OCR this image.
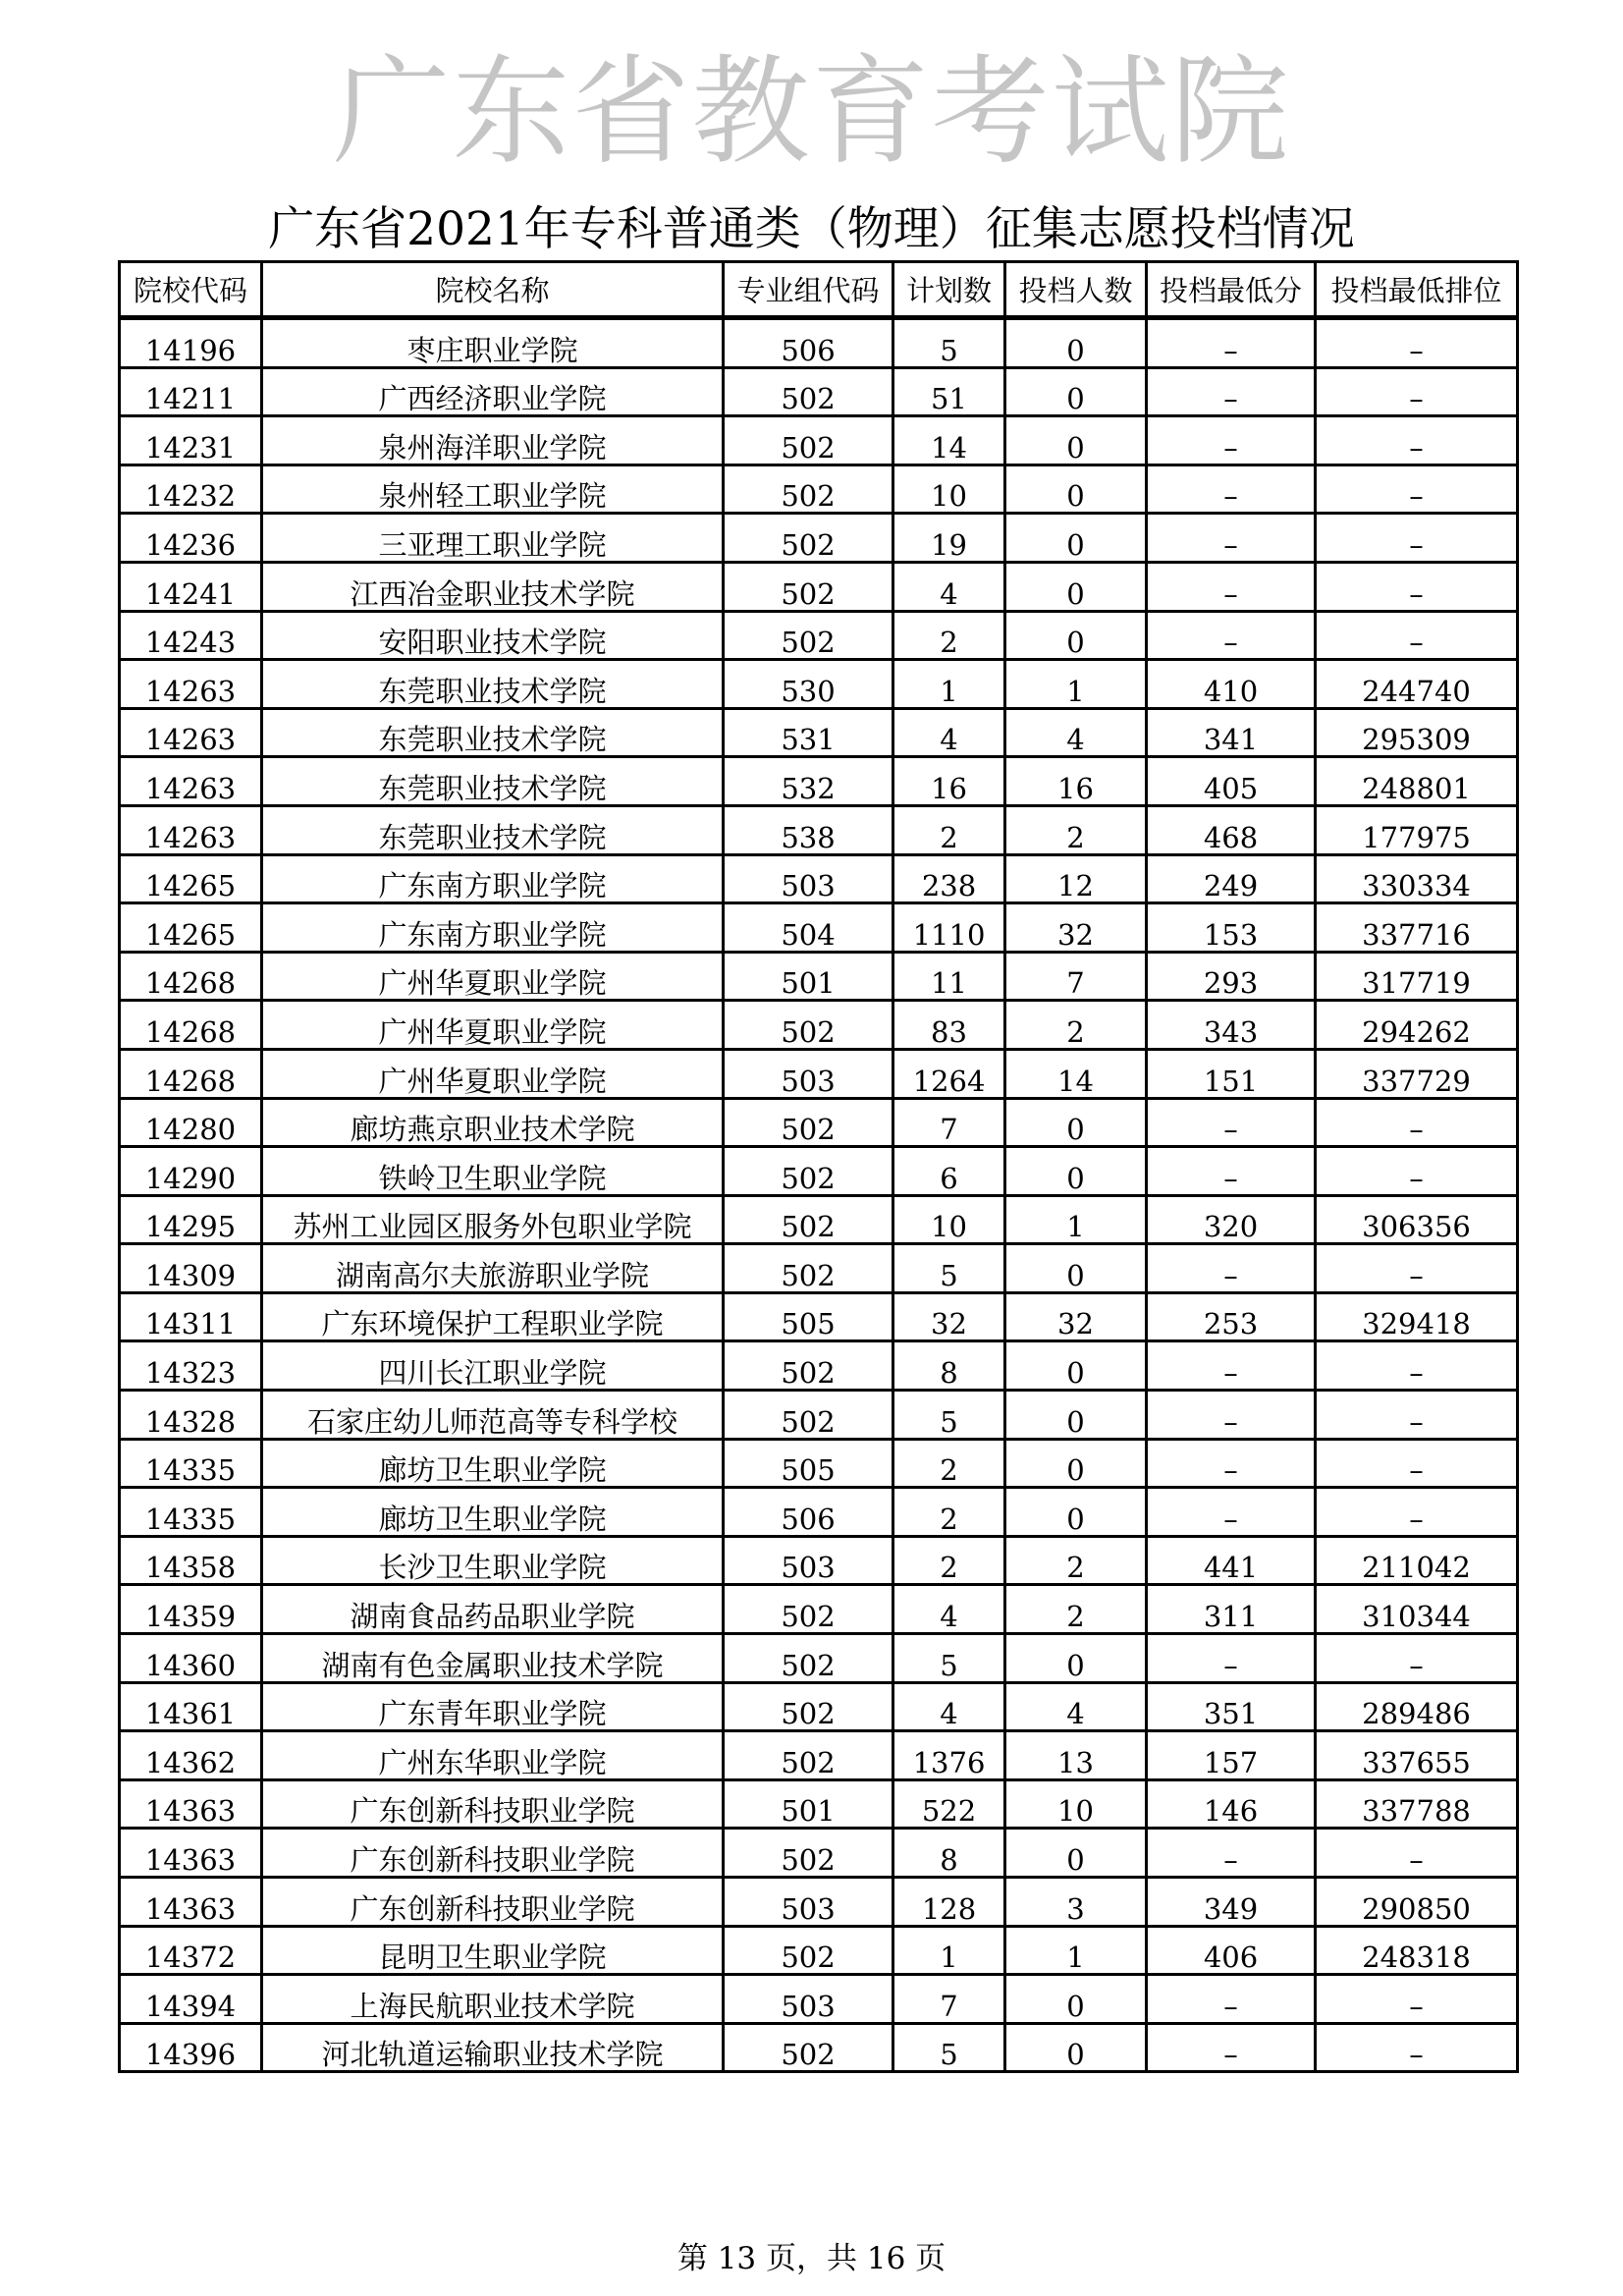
广东省教育考试院
广东省2021年专科普通类（物理）征集志愿投档情况
院校代码	院校名称	专业组代码	计划数	投档人数	投档最低分	投档最低排位
14196	枣庄职业学院	506	5	0	–	–
14211	广西经济职业学院	502	51	0	–	–
14231	泉州海洋职业学院	502	14	0	–	–
14232	泉州轻工职业学院	502	10	0	–	–
14236	三亚理工职业学院	502	19	0	–	–
14241	江西冶金职业技术学院	502	4	0	–	–
14243	安阳职业技术学院	502	2	0	–	–
14263	东莞职业技术学院	530	1	1	410	244740
14263	东莞职业技术学院	531	4	4	341	295309
14263	东莞职业技术学院	532	16	16	405	248801
14263	东莞职业技术学院	538	2	2	468	177975
14265	广东南方职业学院	503	238	12	249	330334
14265	广东南方职业学院	504	1110	32	153	337716
14268	广州华夏职业学院	501	11	7	293	317719
14268	广州华夏职业学院	502	83	2	343	294262
14268	广州华夏职业学院	503	1264	14	151	337729
14280	廊坊燕京职业技术学院	502	7	0	–	–
14290	铁岭卫生职业学院	502	6	0	–	–
14295	苏州工业园区服务外包职业学院	502	10	1	320	306356
14309	湖南高尔夫旅游职业学院	502	5	0	–	–
14311	广东环境保护工程职业学院	505	32	32	253	329418
14323	四川长江职业学院	502	8	0	–	–
14328	石家庄幼儿师范高等专科学校	502	5	0	–	–
14335	廊坊卫生职业学院	505	2	0	–	–
14335	廊坊卫生职业学院	506	2	0	–	–
14358	长沙卫生职业学院	503	2	2	441	211042
14359	湖南食品药品职业学院	502	4	2	311	310344
14360	湖南有色金属职业技术学院	502	5	0	–	–
14361	广东青年职业学院	502	4	4	351	289486
14362	广州东华职业学院	502	1376	13	157	337655
14363	广东创新科技职业学院	501	522	10	146	337788
14363	广东创新科技职业学院	502	8	0	–	–
14363	广东创新科技职业学院	503	128	3	349	290850
14372	昆明卫生职业学院	502	1	1	406	248318
14394	上海民航职业技术学院	503	7	0	–	–
14396	河北轨道运输职业技术学院	502	5	0	–	–
第 13 页，共 16 页
